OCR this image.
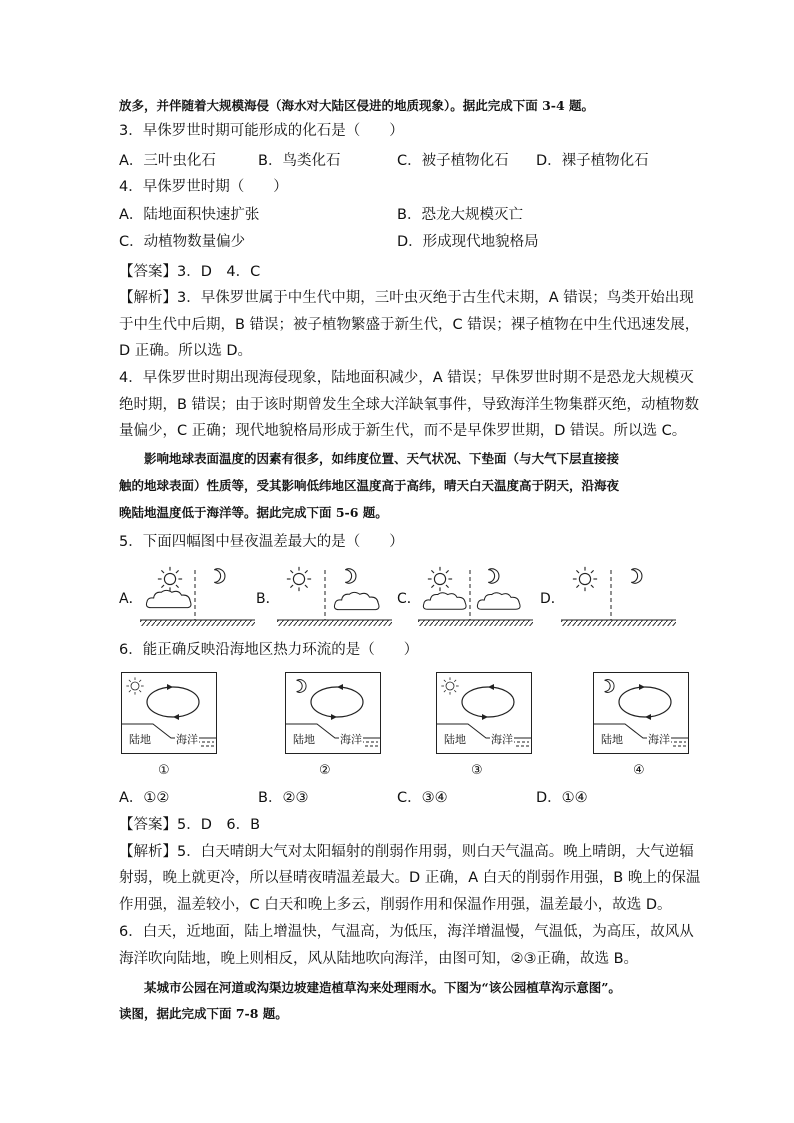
放多，并伴随着大规模海侵（海水对大陆区侵进的地质现象）。据此完成下面 3-4 题。
3．早侏罗世时期可能形成的化石是（　　）
A．三叶虫化石	B．鸟类化石	C．被子植物化石 D．裸子植物化石
4．早侏罗世时期（　　）
A．陆地面积快速扩张	B．恐龙大规模灭亡
C．动植物数量偏少	D．形成现代地貌格局
【答案】3．D　4．C
【解析】3．早侏罗世属于中生代中期，三叶虫灭绝于古生代末期，A 错误；鸟类开始出现
于中生代中后期，B 错误；被子植物繁盛于新生代，C 错误；裸子植物在中生代迅速发展，
D 正确。所以选 D。
4．早侏罗世时期出现海侵现象，陆地面积减少，A 错误；早侏罗世时期不是恐龙大规模灭
绝时期，B 错误；由于该时期曾发生全球大洋缺氧事件，导致海洋生物集群灭绝，动植物数
量偏少，C 正确；现代地貌格局形成于新生代，而不是早侏罗世期，D 错误。所以选 C。
　　影响地球表面温度的因素有很多，如纬度位置、天气状况、下垫面（与大气下层直接接
触的地球表面）性质等，受其影响低纬地区温度高于高纬，晴天白天温度高于阴天，沿海夜
晚陆地温度低于海洋等。据此完成下面 5-6 题。
5．下面四幅图中昼夜温差最大的是（　　）
A．	B．	C．	D．
6．能正确反映沿海地区热力环流的是（　　）
陆地 海洋
①
陆地 海洋
②
陆地 海洋
③
陆地 海洋
④
A．①②	B．②③	C．③④	D．①④
【答案】5．D　6．B
【解析】5．白天晴朗大气对太阳辐射的削弱作用弱，则白天气温高。晚上晴朗，大气逆辐
射弱，晚上就更冷，所以昼晴夜晴温差最大。D 正确，A 白天的削弱作用强，B 晚上的保温
作用强，温差较小，C 白天和晚上多云，削弱作用和保温作用强，温差最小，故选 D。
6．白天，近地面，陆上增温快，气温高，为低压，海洋增温慢，气温低，为高压，故风从
海洋吹向陆地，晚上则相反，风从陆地吹向海洋，由图可知，②③正确，故选 B。
　　某城市公园在河道或沟渠边坡建造植草沟来处理雨水。下图为“该公园植草沟示意图”。
读图，据此完成下面 7-8 题。
